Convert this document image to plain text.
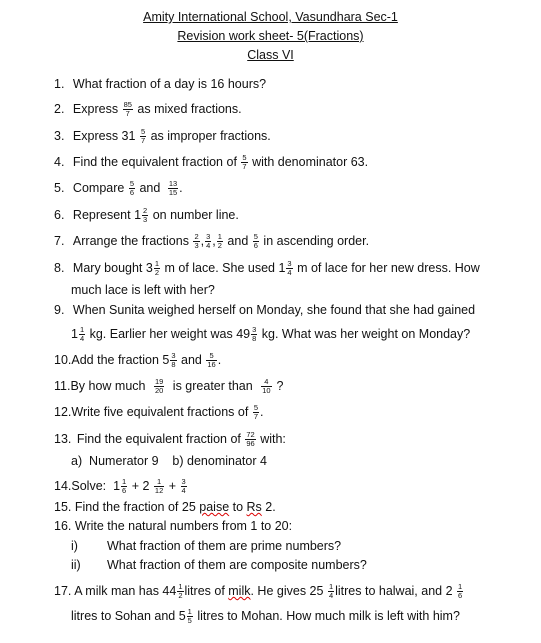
Amity International School, Vasundhara Sec-1
Revision work sheet- 5(Fractions)
Class VI
1. What fraction of a day is 16 hours?
2. Express $\frac{85}{7}$ as mixed fractions.
3. Express $31 \frac{5}{7}$ as improper fractions.
4. Find the equivalent fraction of $\frac{5}{7}$ with denominator 63.
5. Compare $\frac{5}{6}$ and $\frac{13}{15}$ .
6. Represent $1 \frac{2}{3}$ on number line.
7. Arrange the fractions $\frac{2}{3}$ , $\frac{3}{4}$ , $\frac{1}{2}$ and $\frac{5}{6}$ in ascending order.
8. Mary bought $3 \frac{1}{2}$ m of lace. She used $1 \frac{3}{4}$ m of lace for her new dress. How
much lace is left with her?
9. When Sunita weighed herself on Monday, she found that she had gained
$1 \frac{1}{4}$ kg. Earlier her weight was $49 \frac{3}{8}$ kg. What was her weight on Monday?
10.Add the fraction $5 \frac{3}{8}$ and $\frac{5}{16}$ .
11.By how much $\frac{19}{20}$ is greater than $\frac{4}{10}$ ?
12.Write five equivalent fractions of $\frac{5}{7}$ .
13. Find the equivalent fraction of $\frac{72}{96}$ with:
a)  Numerator 9    b) denominator 4
14.Solve:  $1 \frac{1}{6} + 2 \frac{1}{12} + \frac{3}{4}$
15. Find the fraction of 25 paise to Rs 2.
16. Write the natural numbers from 1 to 20:
i) What fraction of them are prime numbers?
ii) What fraction of them are composite numbers?
17. A milk man has $44 \frac{1}{2}$ litres of milk. He gives $25 \frac{1}{4}$ litres to halwai, and $2 \frac{1}{6}$
litres to Sohan and $5 \frac{1}{5}$ litres to Mohan. How much milk is left with him?
